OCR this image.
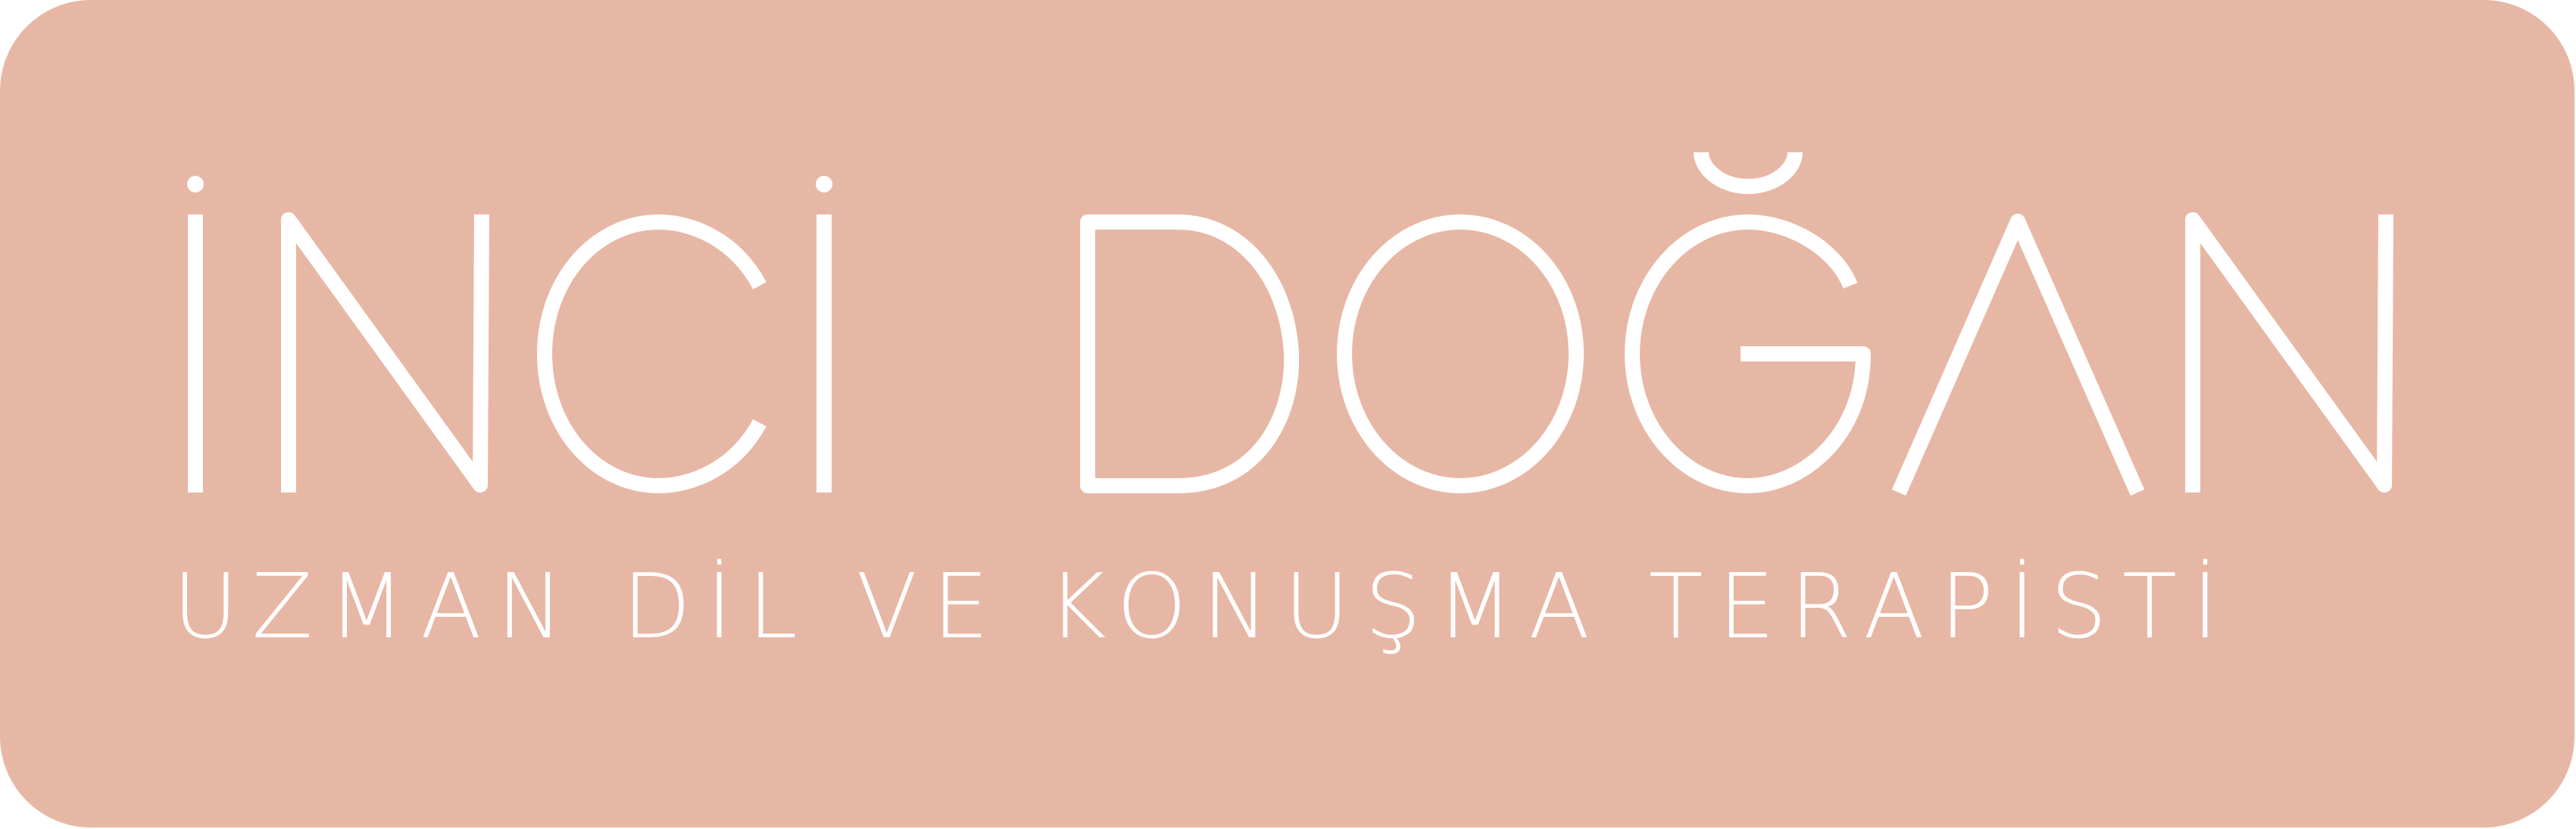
UZMAN DİL VE KONUŞMA TERAPİSTİ
